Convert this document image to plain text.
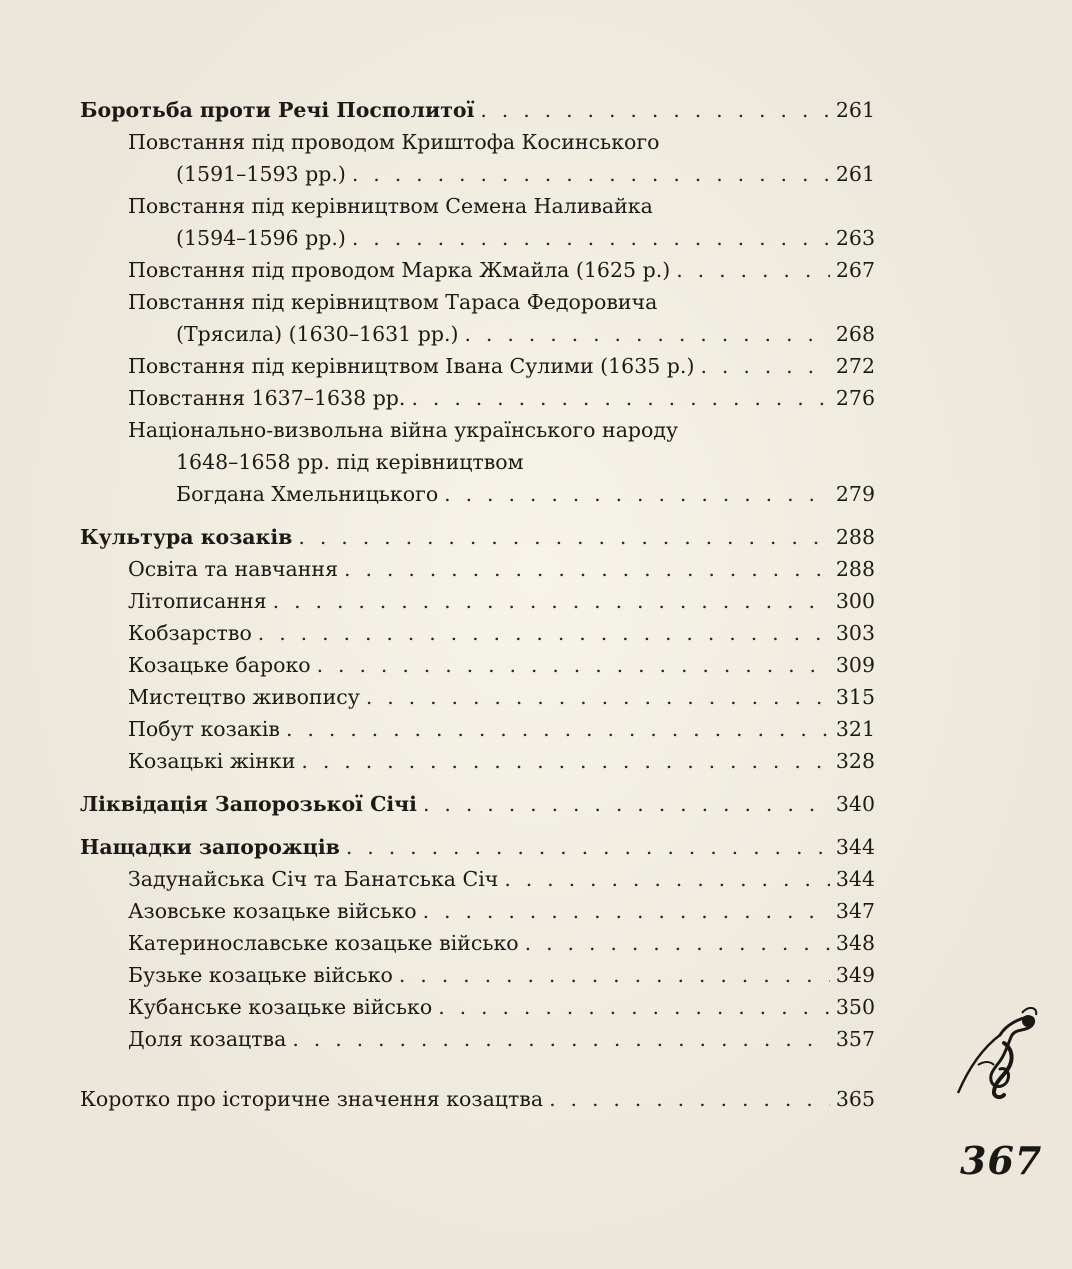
Боротьба проти Речі Посполитої . . .	261
Повстання під проводом Криштофа Косинського
(1591–1593 рр.) . . .	261
Повстання під керівництвом Семена Наливайка
(1594–1596 рр.) . . .	263
Повстання під проводом Марка Жмайла (1625 р.) . . .	267
Повстання під керівництвом Тараса Федоровича
(Трясила) (1630–1631 рр.) . . .	268
Повстання під керівництвом Івана Сулими (1635 р.) . . .	272
Повстання 1637–1638 рр. . . .	276
Національно-визвольна війна українського народу
1648–1658 рр. під керівництвом
Богдана Хмельницького . . .	279
Культура козаків . . .	288
Освіта та навчання . . .	288
Літописання . . .	300
Кобзарство . . .	303
Козацьке бароко . . .	309
Мистецтво живопису . . .	315
Побут козаків . . .	321
Козацькі жінки . . .	328
Ліквідація Запорозької Січі . . .	340
Нащадки запорожців . . .	344
Задунайська Січ та Банатська Січ . . .	344
Азовське козацьке військо . . .	347
Катеринославське козацьке військо . . .	348
Бузьке козацьке військо . . .	349
Кубанське козацьке військо . . .	350
Доля козацтва . . .	357
Коротко про історичне значення козацтва . . .	365
367
